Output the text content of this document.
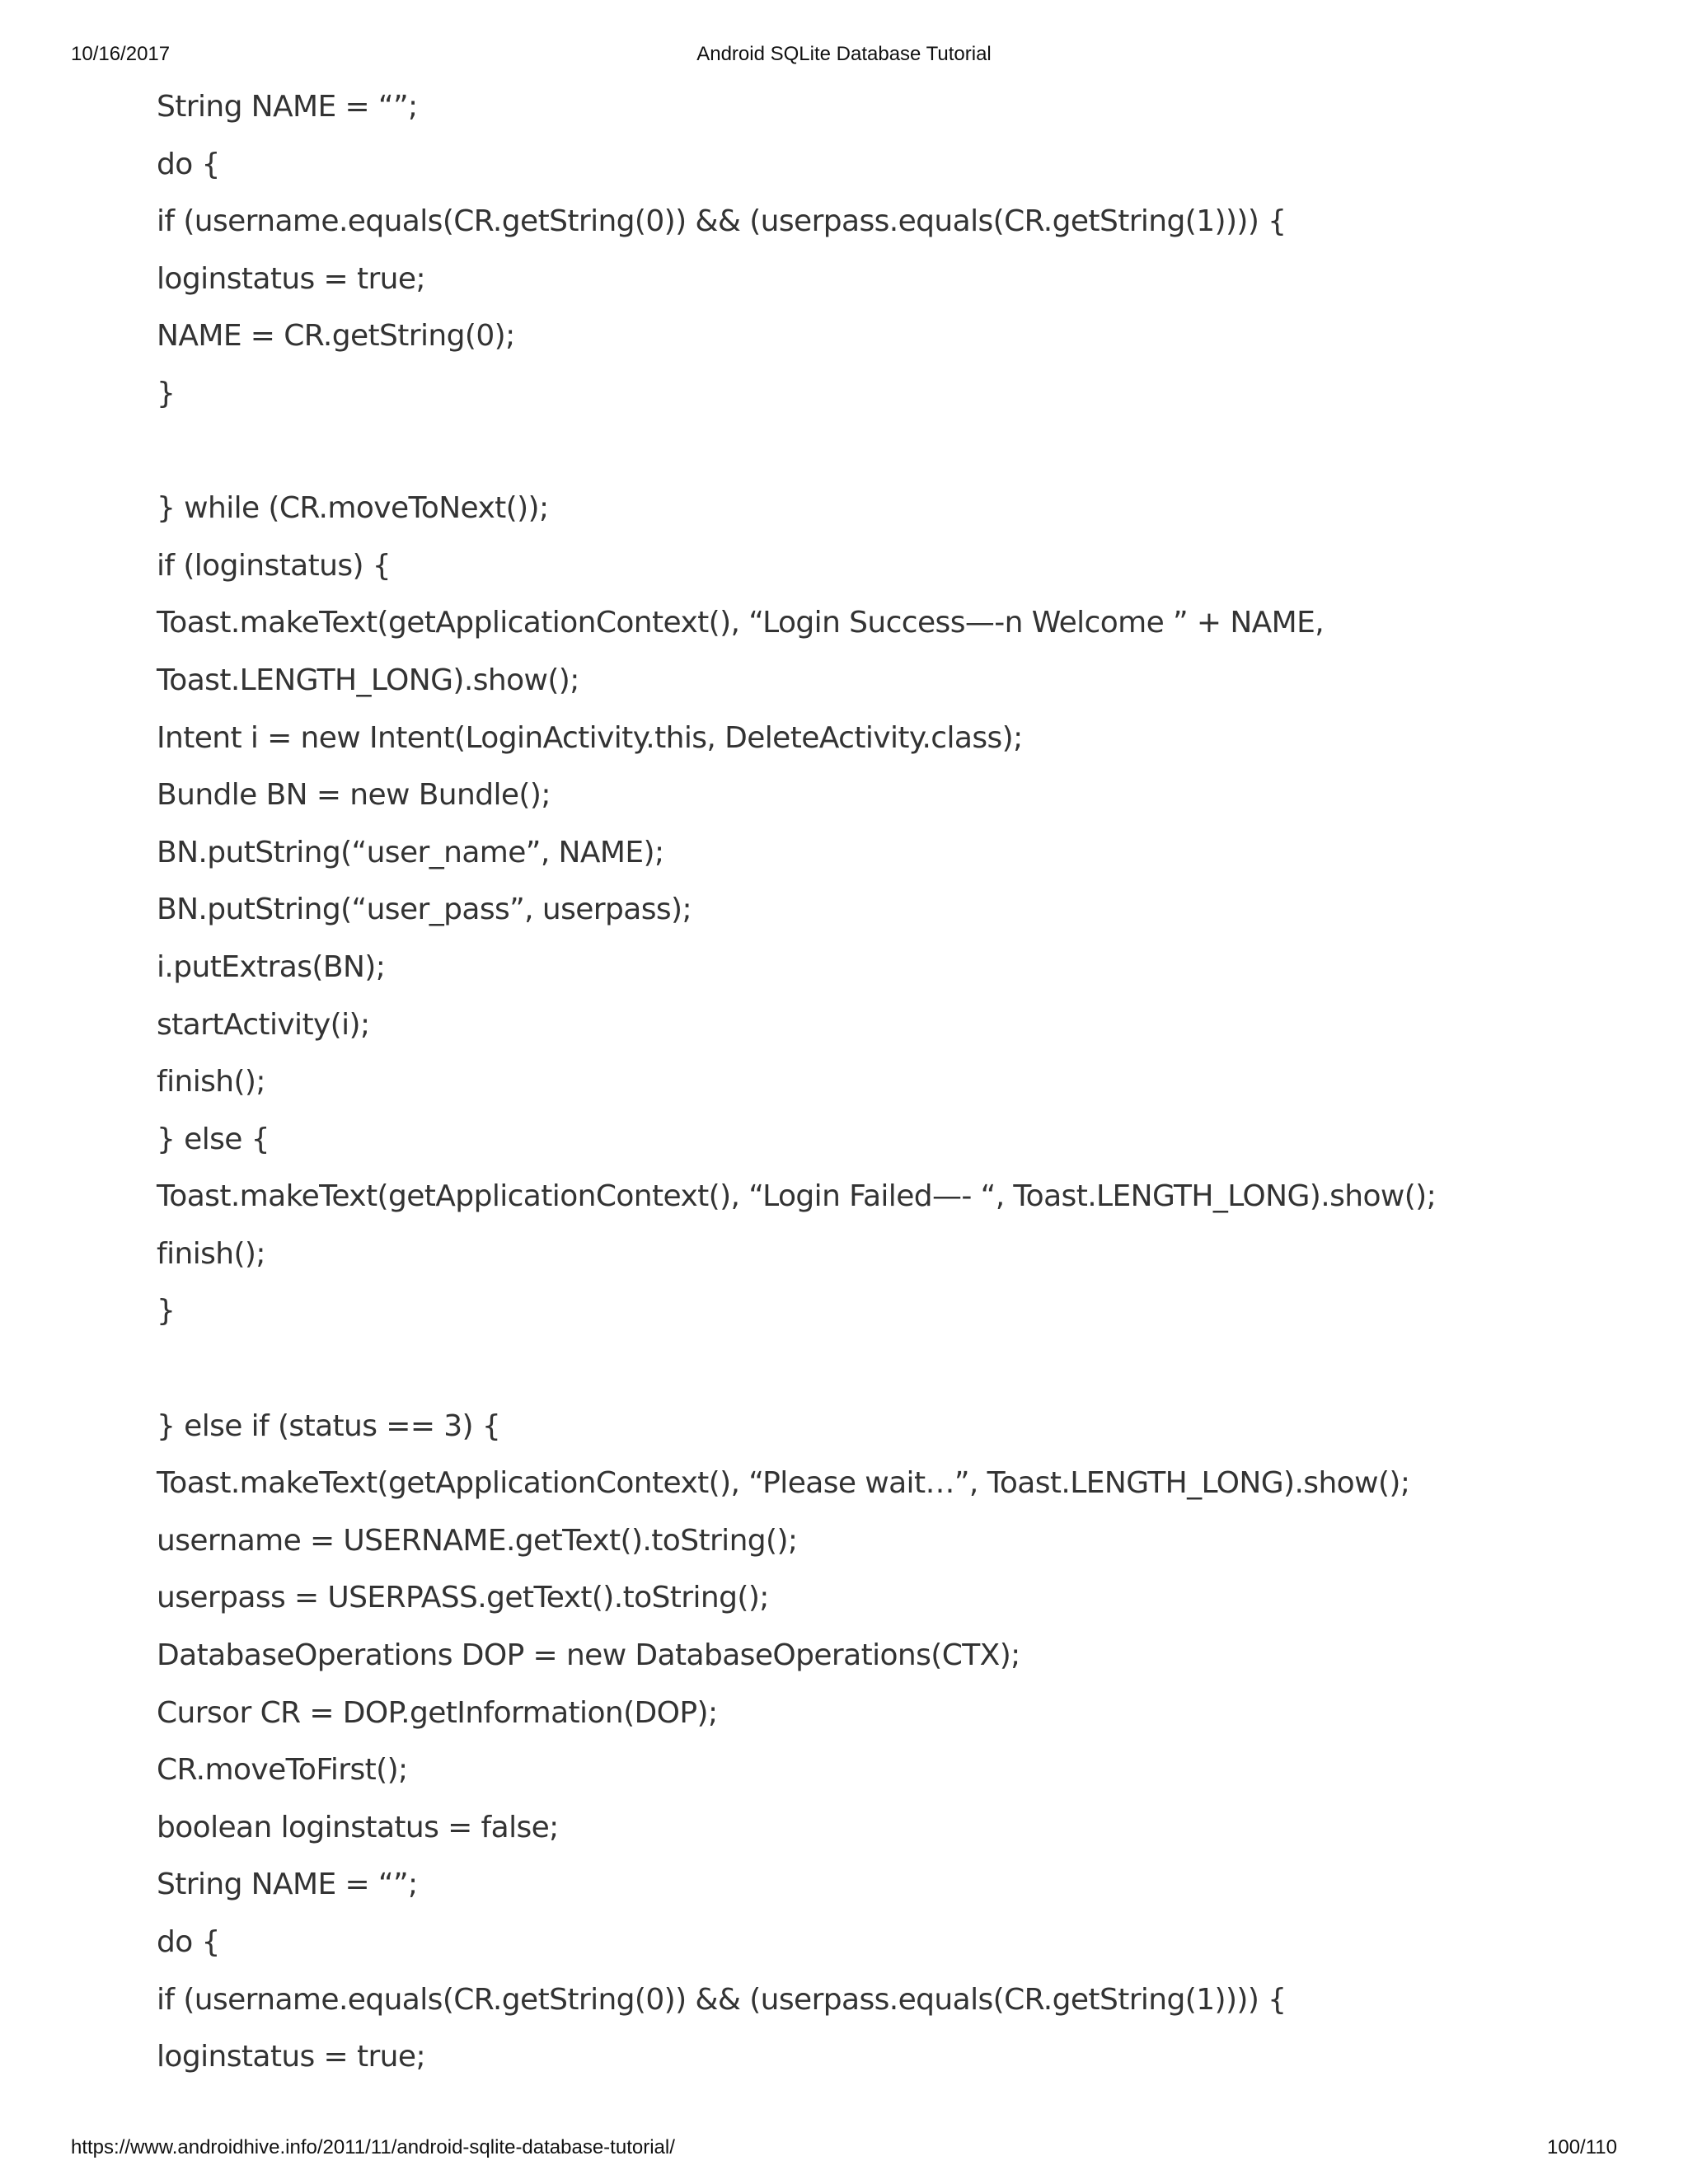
10/16/2017	Android SQLite Database Tutorial
String NAME = “”;
do {
if (username.equals(CR.getString(0)) && (userpass.equals(CR.getString(1)))) {
loginstatus = true;
NAME = CR.getString(0);
}
} while (CR.moveToNext());
if (loginstatus) {
Toast.makeText(getApplicationContext(), “Login Success—-n Welcome ” + NAME,
Toast.LENGTH_LONG).show();
Intent i = new Intent(LoginActivity.this, DeleteActivity.class);
Bundle BN = new Bundle();
BN.putString(“user_name”, NAME);
BN.putString(“user_pass”, userpass);
i.putExtras(BN);
startActivity(i);
finish();
} else {
Toast.makeText(getApplicationContext(), “Login Failed—- “, Toast.LENGTH_LONG).show();
finish();
}
} else if (status == 3) {
Toast.makeText(getApplicationContext(), “Please wait…”, Toast.LENGTH_LONG).show();
username = USERNAME.getText().toString();
userpass = USERPASS.getText().toString();
DatabaseOperations DOP = new DatabaseOperations(CTX);
Cursor CR = DOP.getInformation(DOP);
CR.moveToFirst();
boolean loginstatus = false;
String NAME = “”;
do {
if (username.equals(CR.getString(0)) && (userpass.equals(CR.getString(1)))) {
loginstatus = true;
https://www.androidhive.info/2011/11/android-sqlite-database-tutorial/	100/110
